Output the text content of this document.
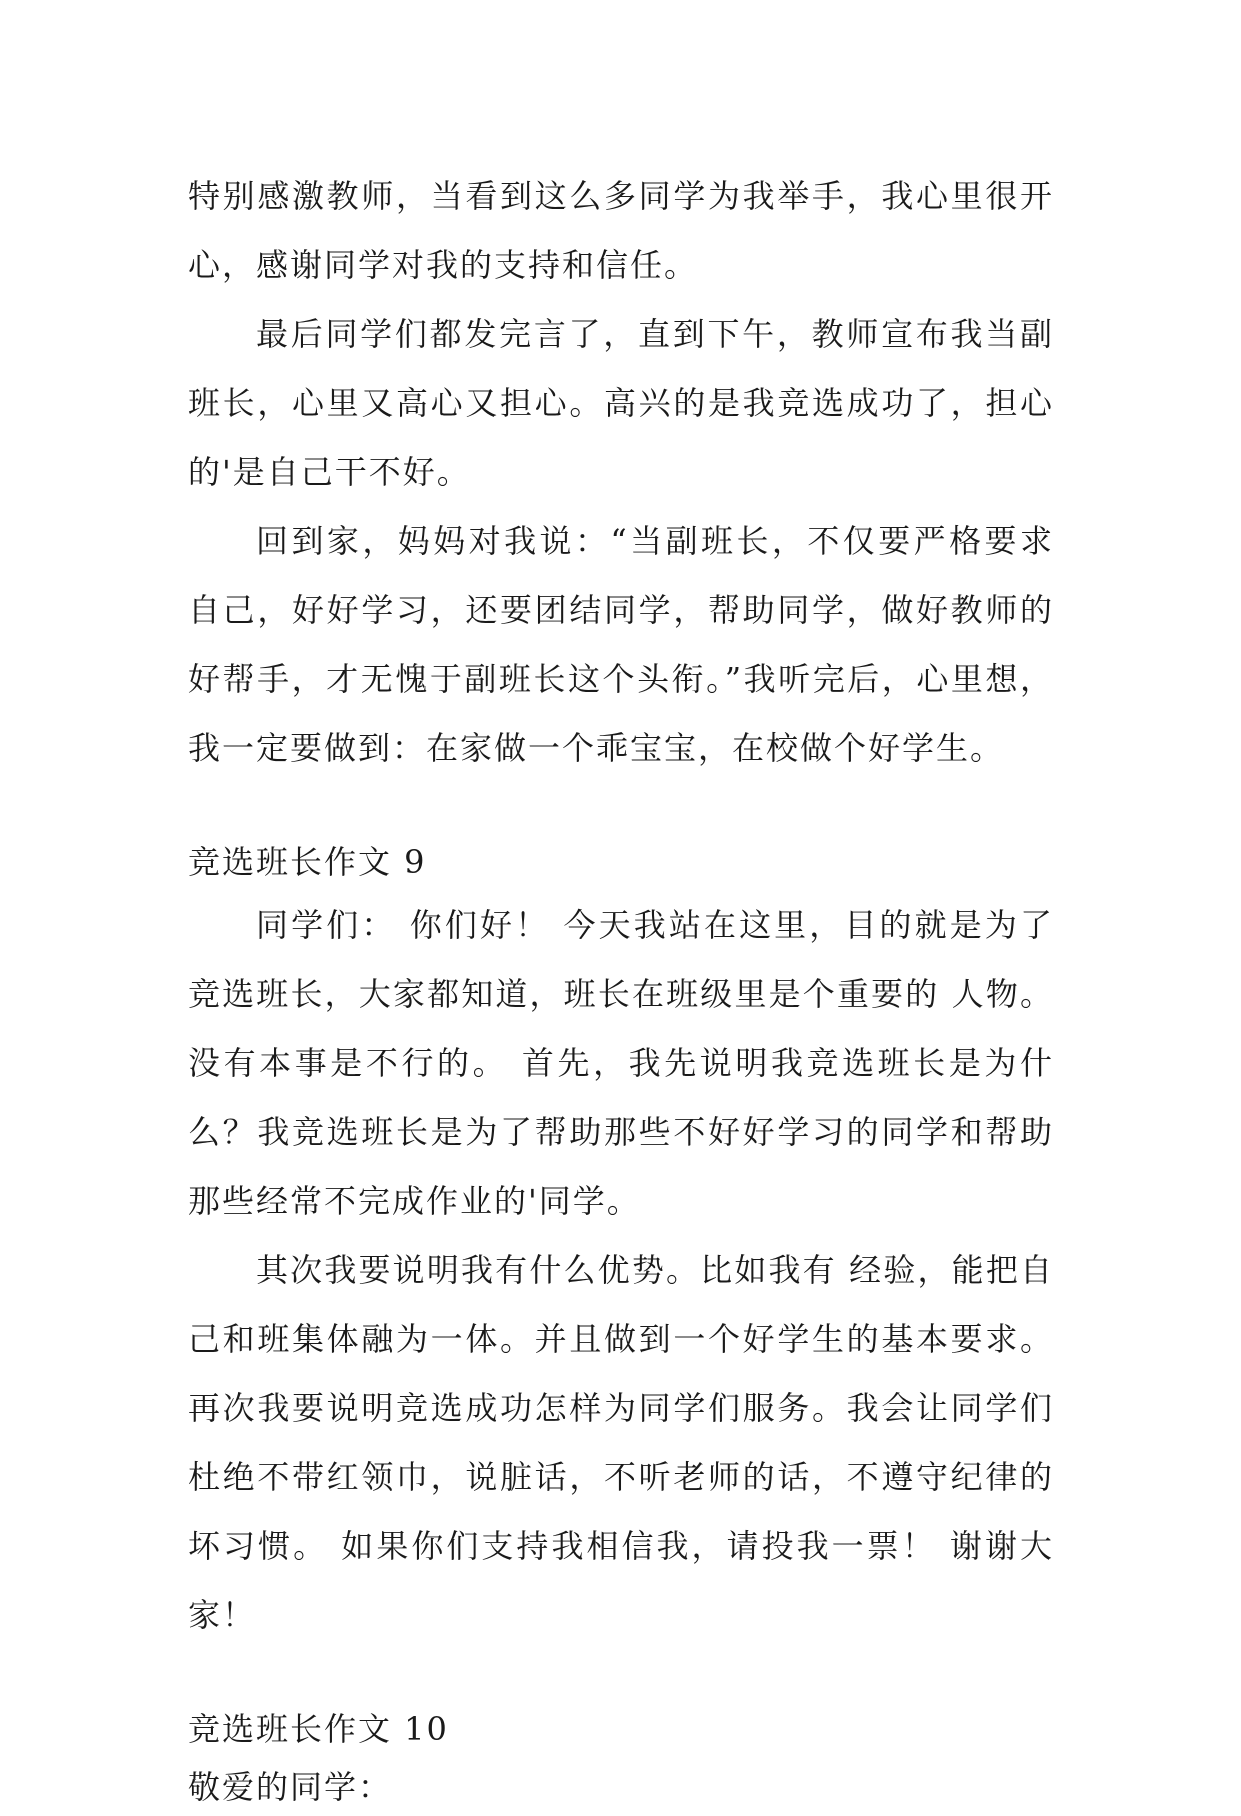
特别感激教师，当看到这么多同学为我举手，我心里很开心，感谢同学对我的支持和信任。

最后同学们都发完言了，直到下午，教师宣布我当副班长，心里又高心又担心。高兴的是我竞选成功了，担心的'是自己干不好。

回到家，妈妈对我说：“当副班长，不仅要严格要求自己，好好学习，还要团结同学，帮助同学，做好教师的好帮手，才无愧于副班长这个头衔。”我听完后，心里想，我一定要做到：在家做一个乖宝宝，在校做个好学生。

竞选班长作文 9

同学们： 你们好！ 今天我站在这里，目的就是为了竞选班长，大家都知道，班长在班级里是个重要的 人物。没有本事是不行的。 首先，我先说明我竞选班长是为什么？我竞选班长是为了帮助那些不好好学习的同学和帮助那些经常不完成作业的'同学。

其次我要说明我有什么优势。比如我有 经验，能把自己和班集体融为一体。并且做到一个好学生的基本要求。再次我要说明竞选成功怎样为同学们服务。我会让同学们杜绝不带红领巾，说脏话，不听老师的话，不遵守纪律的坏习惯。 如果你们支持我相信我，请投我一票！ 谢谢大家！

竞选班长作文 10

敬爱的同学：
